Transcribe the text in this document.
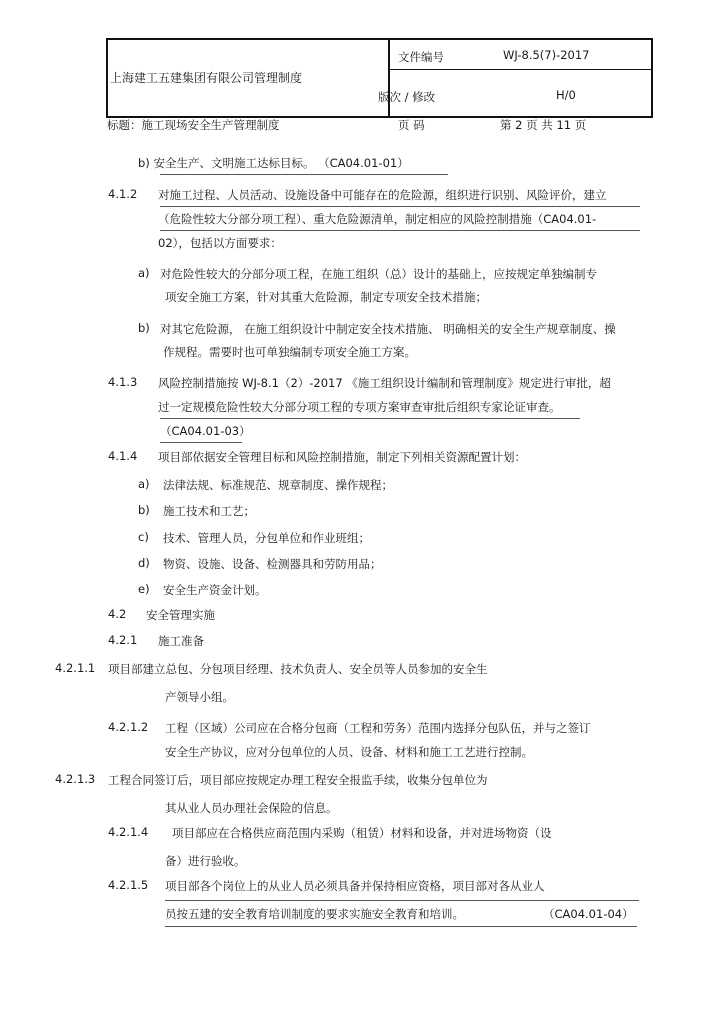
上海建工五建集团有限公司管理制度
文件编号	WJ-8.5(7)-2017
版次 / 修改	H/0
标题：施工现场安全生产管理制度	页 码	第 2 页 共 11 页
b) 安全生产、文明施工达标目标。 （CA04.01-01）
4.1.2 对施工过程、人员活动、设施设备中可能存在的危险源，组织进行识别、风险评价，建立
（危险性较大分部分项工程）、重大危险源清单，制定相应的风险控制措施（CA04.01-
02），包括以方面要求：
a) 对危险性较大的分部分项工程，在施工组织（总）设计的基础上，应按规定单独编制专
项安全施工方案，针对其重大危险源，制定专项安全技术措施；
b) 对其它危险源， 在施工组织设计中制定安全技术措施、 明确相关的安全生产规章制度、操
作规程。需要时也可单独编制专项安全施工方案。
4.1.3 风险控制措施按 WJ-8.1（2）-2017 《施工组织设计编制和管理制度》规定进行审批，超
过一定规模危险性较大分部分项工程的专项方案审查审批后组织专家论证审查。
（CA04.01-03）
4.1.4 项目部依据安全管理目标和风险控制措施，制定下列相关资源配置计划：
a) 法律法规、标准规范、规章制度、操作规程；
b) 施工技术和工艺；
c) 技术、管理人员，分包单位和作业班组；
d) 物资、设施、设备、检测器具和劳防用品；
e) 安全生产资金计划。
4.2 安全管理实施
4.2.1 施工准备
4.2.1.1 项目部建立总包、分包项目经理、技术负责人、安全员等人员参加的安全生
产领导小组。
4.2.1.2 工程（区域）公司应在合格分包商（工程和劳务）范围内选择分包队伍，并与之签订
安全生产协议，应对分包单位的人员、设备、材料和施工工艺进行控制。
4.2.1.3 工程合同签订后，项目部应按规定办理工程安全报监手续，收集分包单位为
其从业人员办理社会保险的信息。
4.2.1.4 项目部应在合格供应商范围内采购（租赁）材料和设备，并对进场物资（设
备）进行验收。
4.2.1.5 项目部各个岗位上的从业人员必须具备并保持相应资格，项目部对各从业人
员按五建的安全教育培训制度的要求实施安全教育和培训。	（CA04.01-04）
